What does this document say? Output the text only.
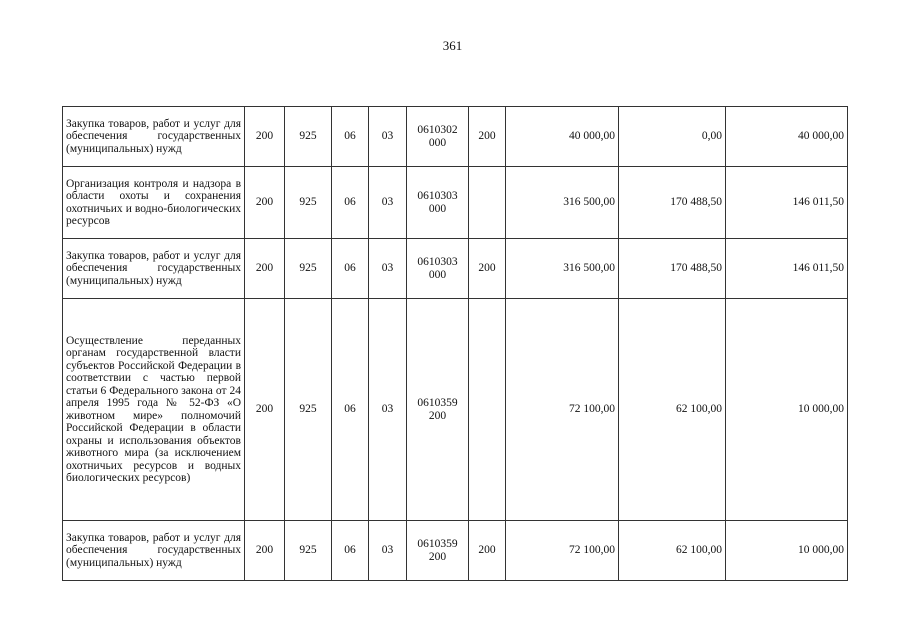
361
Закупка товаров, работ и услуг для обеспечения государственных (муниципальных) нужд	200	925	06	03	0610302
000	200	40 000,00	0,00	40 000,00
Организация контроля и надзора в области охоты и сохранения охотничьих и водно-биологических ресурсов	200	925	06	03	0610303
000		316 500,00	170 488,50	146 011,50
Закупка товаров, работ и услуг для обеспечения государственных (муниципальных) нужд	200	925	06	03	0610303
000	200	316 500,00	170 488,50	146 011,50
Осуществление переданных органам государственной власти субъектов Российской Федерации в соответствии с частью первой статьи 6 Федерального закона от 24 апреля 1995 года № 52-ФЗ «О животном мире» полномочий Российской Федерации в области охраны и использования объектов животного мира (за исключением охотничьих ресурсов и водных биологических ресурсов)	200	925	06	03	0610359
200		72 100,00	62 100,00	10 000,00
Закупка товаров, работ и услуг для обеспечения государственных (муниципальных) нужд	200	925	06	03	0610359
200	200	72 100,00	62 100,00	10 000,00
